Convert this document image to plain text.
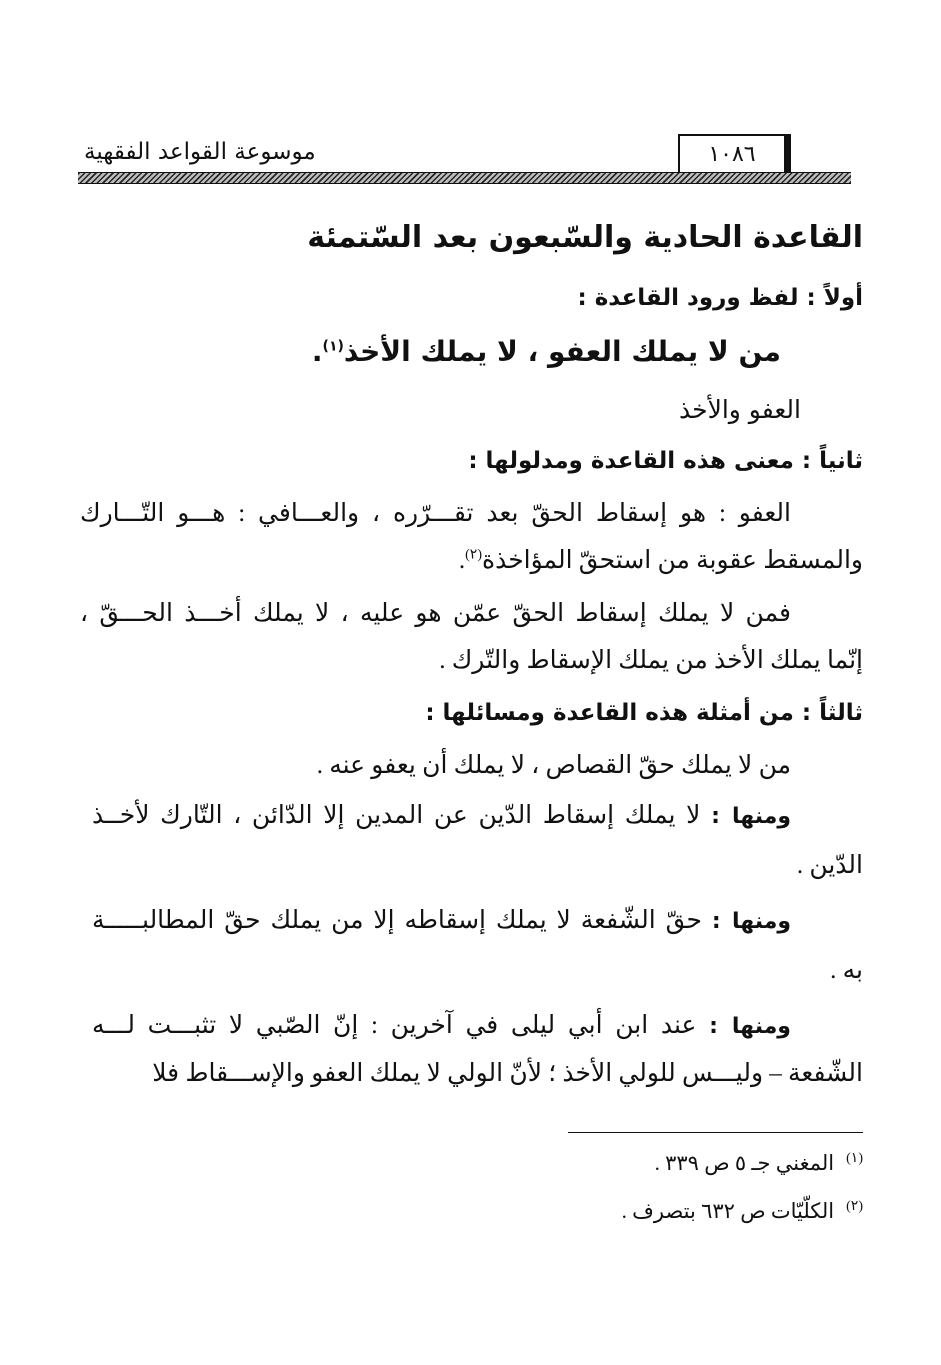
١٠٨٦
موسوعة القواعد الفقهية
القاعدة الحادية والسّبعون بعد السّتمئة
أولاً : لفظ ورود القاعدة :
من لا يملك العفو ، لا يملك الأخذ$^{(١)}$.
العفو والأخذ
ثانياً : معنى هذه القاعدة ومدلولها :
العفو : هو إسقاط الحقّ بعد تقـــرّره ، والعـــافي : هـــو التّـــارك
والمسقط عقوبة من استحقّ المؤاخذة$^{(٢)}$.
فمن لا يملك إسقاط الحقّ عمّن هو عليه ، لا يملك أخـــذ الحـــقّ ،
إنّما يملك الأخذ من يملك الإسقاط والتّرك .
ثالثاً : من أمثلة هذه القاعدة ومسائلها :
من لا يملك حقّ القصاص ، لا يملك أن يعفو عنه .
ومنها : لا يملك إسقاط الدّين عن المدين إلا الدّائن ، التّارك لأخــذ
الدّين .
ومنها : حقّ الشّفعة لا يملك إسقاطه إلا من يملك حقّ المطالبـــــة
به .
ومنها : عند ابن أبي ليلى في آخرين : إنّ الصّبي لا تثبـــت لـــه
الشّفعة – وليـــس للولي الأخذ ؛ لأنّ الولي لا يملك العفو والإســـقاط فلا
$^{(١)}$المغني جـ ٥ ص ٣٣٩ .
$^{(٢)}$الكلّيّات ص ٦٣٢ بتصرف .
